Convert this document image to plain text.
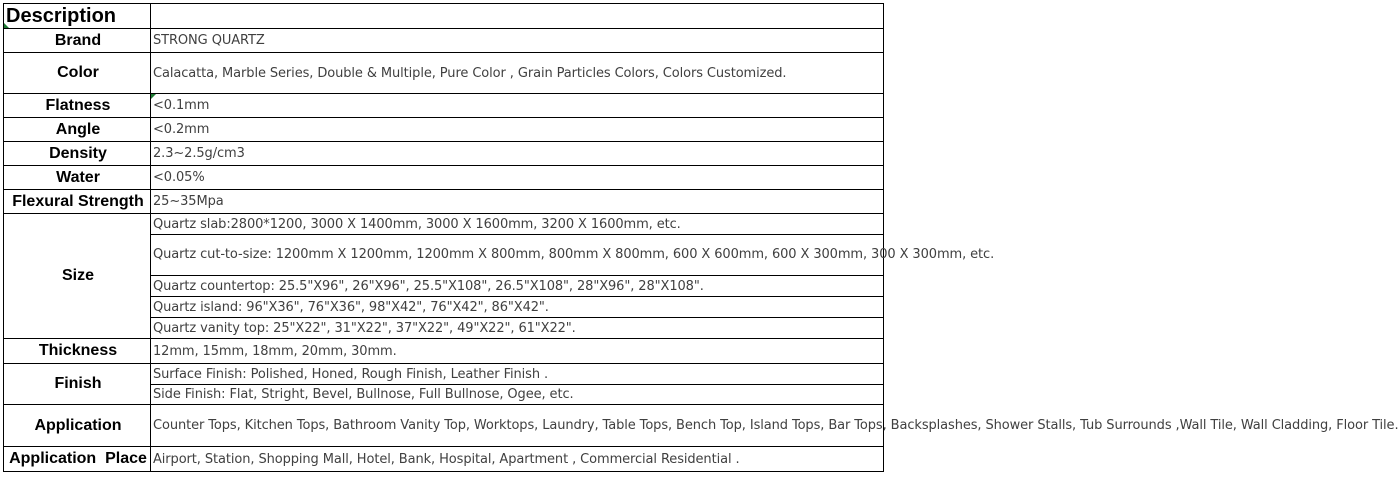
Description

Brand	STRONG QUARTZ
Color	Calacatta, Marble Series, Double & Multiple, Pure Color , Grain Particles Colors, Colors Customized.
Flatness	<0.1mm
Angle	<0.2mm
Density	2.3~2.5g/cm3
Water	<0.05%
Flexural Strength	25~35Mpa
Size	Quartz slab:2800*1200, 3000 X 1400mm, 3000 X 1600mm, 3200 X 1600mm, etc.
	Quartz cut-to-size: 1200mm X 1200mm, 1200mm X 800mm, 800mm X 800mm, 600 X 600mm, 600 X 300mm, 300 X 300mm, etc.
	Quartz countertop: 25.5"X96", 26"X96", 25.5"X108", 26.5"X108", 28"X96", 28"X108".
	Quartz island: 96"X36", 76"X36", 98"X42", 76"X42", 86"X42".
	Quartz vanity top: 25"X22", 31"X22", 37"X22", 49"X22", 61"X22".
Thickness	12mm, 15mm, 18mm, 20mm, 30mm.
Finish	Surface Finish: Polished, Honed, Rough Finish, Leather Finish .
	Side Finish: Flat, Stright, Bevel, Bullnose, Full Bullnose, Ogee, etc.
Application	Counter Tops, Kitchen Tops, Bathroom Vanity Top, Worktops, Laundry, Table Tops, Bench Top, Island Tops, Bar Tops, Backsplashes, Shower Stalls, Tub Surrounds ,Wall Tile, Wall Cladding, Floor Tile.
Application  Place	Airport, Station, Shopping Mall, Hotel, Bank, Hospital, Apartment , Commercial Residential .
